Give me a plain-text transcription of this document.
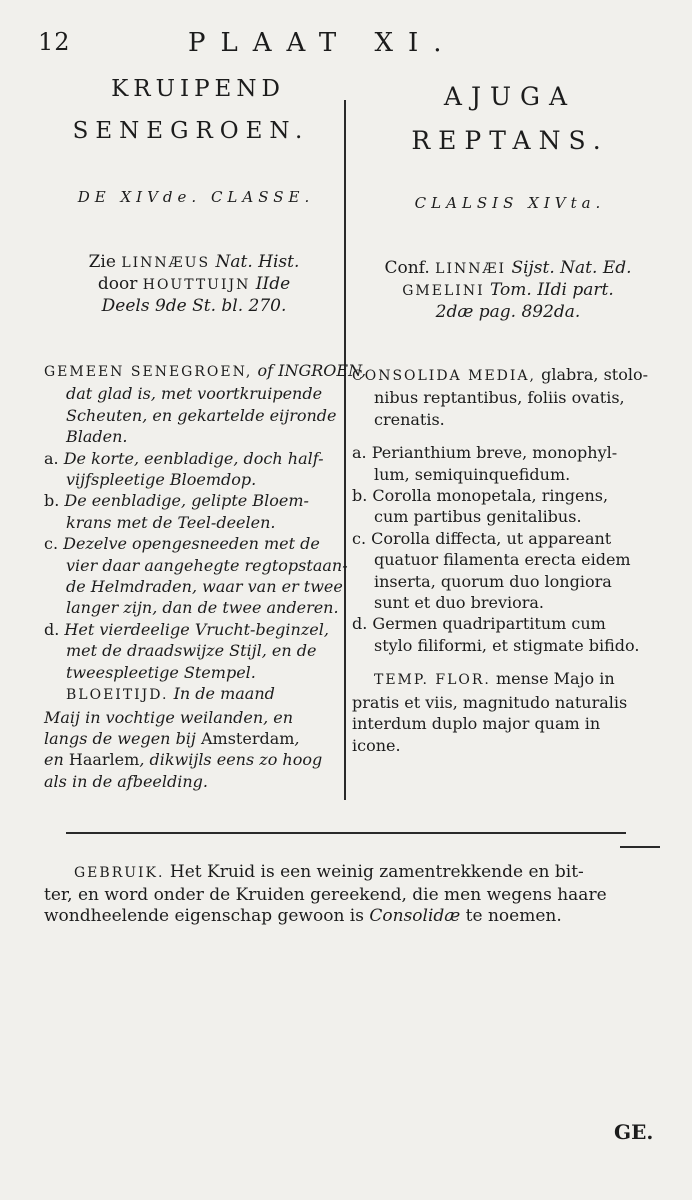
12	PLAAT XI.
KRUIPEND
SENEGROEN.
AJUGA
REPTANS.
DE XIVde. CLASSE.	CLALSIS XIVta.
Zie LINNÆUS Nat. Hist.
door HOUTTUIJN IIde
Deels 9de St. bl. 270.
Conf. LINNÆI Sijst. Nat. Ed.
GMELINI Tom. IIdi part.
2dæ pag. 892da.
GEMEEN SENEGROEN, of INGROEN,
dat glad is, met voortkruipende
Scheuten, en gekartelde eijronde
Bladen.
a. De korte, eenbladige, doch half-
vijfspleetige Bloemdop.
b. De eenbladige, gelipte Bloem-
krans met de Teel-deelen.
c. Dezelve opengesneeden met de
vier daar aangehegte regtopstaan-
de Helmdraden, waar van er twee
langer zijn, dan de twee anderen.
d. Het vierdeelige Vrucht-beginzel,
met de draadswijze Stijl, en de
tweespleetige Stempel.
BLOEITIJD. In de maand
Maij in vochtige weilanden, en
langs de wegen bij Amsterdam,
en Haarlem, dikwijls eens zo hoog
als in de afbeelding.
CONSOLIDA MEDIA, glabra, stolo-
nibus reptantibus, foliis ovatis,
crenatis.
a. Perianthium breve, monophyl-
lum, semiquinquefidum.
b. Corolla monopetala, ringens,
cum partibus genitalibus.
c. Corolla diffecta, ut appareant
quatuor filamenta erecta eidem
inserta, quorum duo longiora
sunt et duo breviora.
d. Germen quadripartitum cum
stylo filiformi, et stigmate bifido.
TEMP. FLOR. mense Majo in
pratis et viis, magnitudo naturalis
interdum duplo major quam in
icone.
GEBRUIK. Het Kruid is een weinig zamentrekkende en bit-
ter, en word onder de Kruiden gereekend, die men wegens haare
wondheelende eigenschap gewoon is Consolidæ te noemen.
GE.
